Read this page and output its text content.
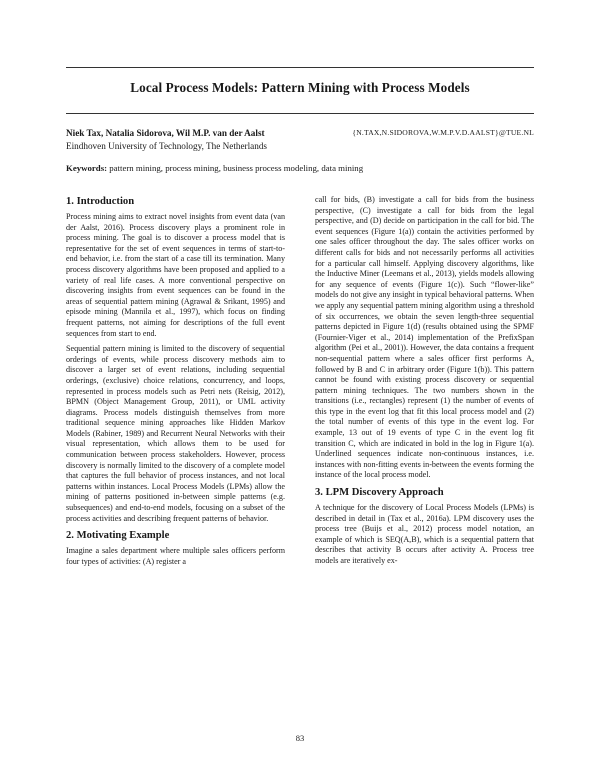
Local Process Models: Pattern Mining with Process Models
Niek Tax, Natalia Sidorova, Wil M.P. van der Aalst	{N.TAX,N.SIDOROVA,W.M.P.V.D.AALST}@TUE.NL
Eindhoven University of Technology, The Netherlands
Keywords: pattern mining, process mining, business process modeling, data mining
1. Introduction

Process mining aims to extract novel insights from event data (van der Aalst, 2016). Process discovery plays a prominent role in process mining. The goal is to discover a process model that is representative for the set of event sequences in terms of start-to-end behavior, i.e. from the start of a case till its termination. Many process discovery algorithms have been proposed and applied to a variety of real life cases. A more conventional perspective on discovering insights from event sequences can be found in the areas of sequential pattern mining (Agrawal & Srikant, 1995) and episode mining (Mannila et al., 1997), which focus on finding frequent patterns, not aiming for descriptions of the full event sequences from start to end.

Sequential pattern mining is limited to the discovery of sequential orderings of events, while process discovery methods aim to discover a larger set of event relations, including sequential orderings, (exclusive) choice relations, concurrency, and loops, represented in process models such as Petri nets (Reisig, 2012), BPMN (Object Management Group, 2011), or UML activity diagrams. Process models distinguish themselves from more traditional sequence mining approaches like Hidden Markov Models (Rabiner, 1989) and Recurrent Neural Networks with their visual representation, which allows them to be used for communication between process stakeholders. However, process discovery is normally limited to the discovery of a complete model that captures the full behavior of process instances, and not local patterns within instances. Local Process Models (LPMs) allow the mining of patterns positioned in-between simple patterns (e.g. subsequences) and end-to-end models, focusing on a subset of the process activities and describing frequent patterns of behavior.

2. Motivating Example

Imagine a sales department where multiple sales officers perform four types of activities: (A) register a

call for bids, (B) investigate a call for bids from the business perspective, (C) investigate a call for bids from the legal perspective, and (D) decide on participation in the call for bid. The event sequences (Figure 1(a)) contain the activities performed by one sales officer throughout the day. The sales officer works on different calls for bids and not necessarily performs all activities for a particular call himself. Applying discovery algorithms, like the Inductive Miner (Leemans et al., 2013), yields models allowing for any sequence of events (Figure 1(c)). Such “flower-like” models do not give any insight in typical behavioral patterns. When we apply any sequential pattern mining algorithm using a threshold of six occurrences, we obtain the seven length-three sequential patterns depicted in Figure 1(d) (results obtained using the SPMF (Fournier-Viger et al., 2014) implementation of the PrefixSpan algorithm (Pei et al., 2001)). However, the data contains a frequent non-sequential pattern where a sales officer first performs A, followed by B and C in arbitrary order (Figure 1(b)). This pattern cannot be found with existing process discovery or sequential pattern mining techniques. The two numbers shown in the transitions (i.e., rectangles) represent (1) the number of events of this type in the event log that fit this local process model and (2) the total number of events of this type in the event log. For example, 13 out of 19 events of type C in the event log fit transition C, which are indicated in bold in the log in Figure 1(a). Underlined sequences indicate non-continuous instances, i.e. instances with non-fitting events in-between the events forming the instance of the local process model.

3. LPM Discovery Approach

A technique for the discovery of Local Process Models (LPMs) is described in detail in (Tax et al., 2016a). LPM discovery uses the process tree (Buijs et al., 2012) process model notation, an example of which is SEQ(A,B), which is a sequential pattern that describes that activity B occurs after activity A. Process tree models are iteratively ex-

83
